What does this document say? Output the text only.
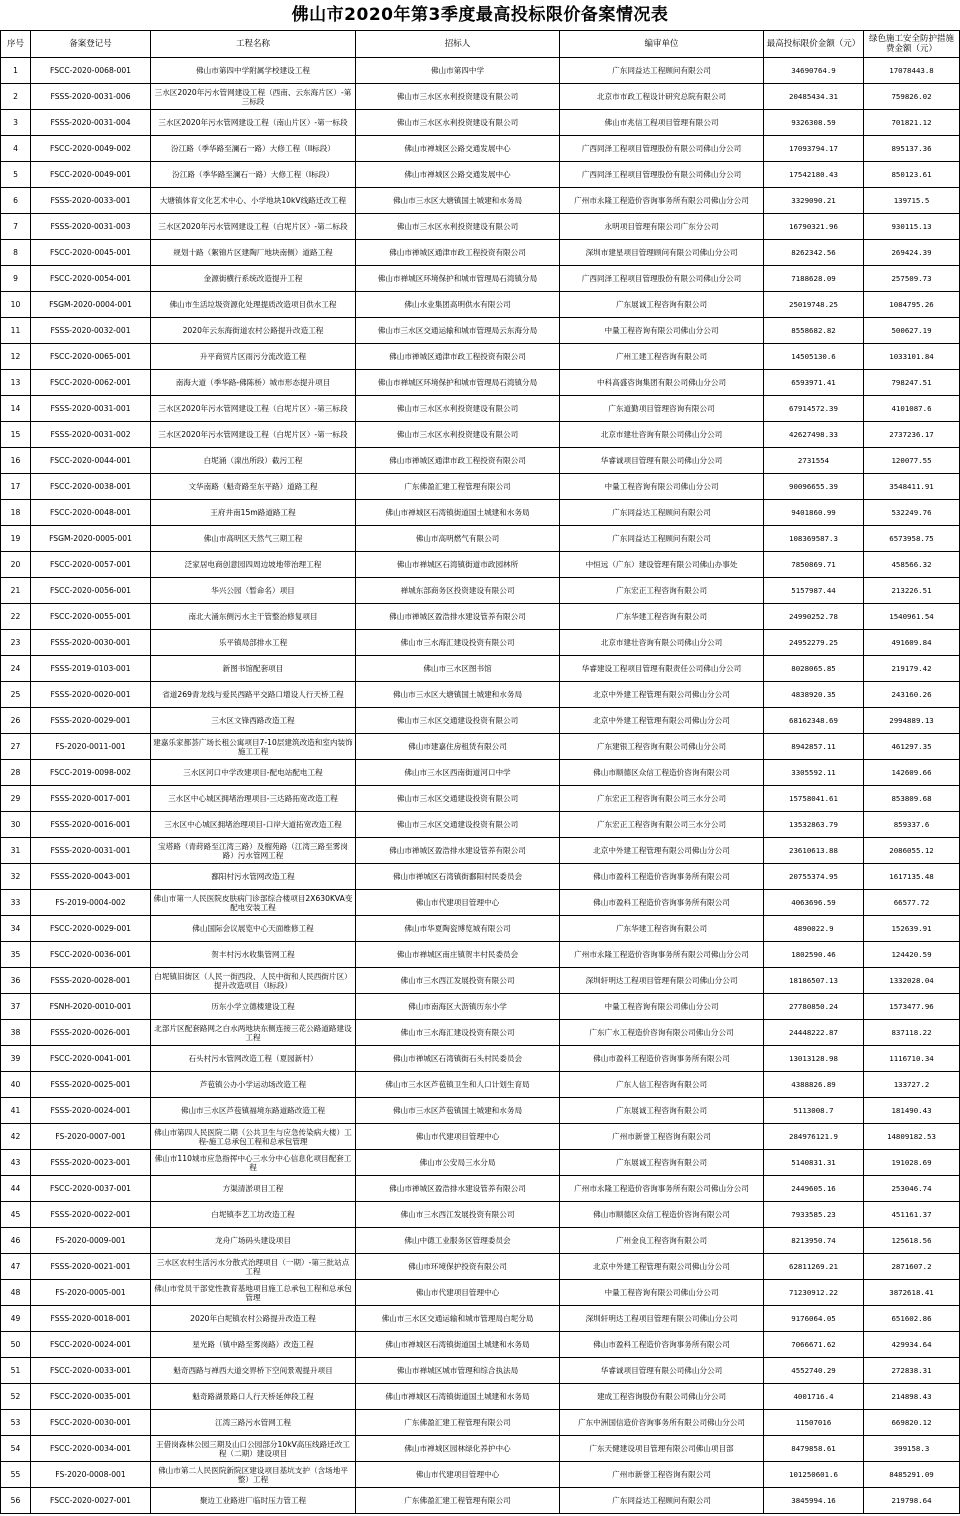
佛山市2020年第3季度最高投标限价备案情况表
序号	备案登记号	工程名称	招标人	编审单位	最高投标限价金额（元）	绿色施工安全防护措施费金额（元）
1	FSCC-2020-0068-001	佛山市第四中学附属学校建设工程	佛山市第四中学	广东同益达工程顾问有限公司	34690764.9	17078443.8
2	FSSS-2020-0031-006	三水区2020年污水管网建设工程（西南、云东海片区）-第三标段	佛山市三水区水利投资建设有限公司	北京市市政工程设计研究总院有限公司	20485434.31	759826.02
3	FSSS-2020-0031-004	三水区2020年污水管网建设工程（南山片区）-第一标段	佛山市三水区水利投资建设有限公司	佛山市兆信工程项目管理有限公司	9326308.59	701821.12
4	FSCC-2020-0049-002	汾江路（季华路至澜石一路）大修工程（II标段）	佛山市禅城区公路交通发展中心	广西同泽工程项目管理股份有限公司佛山分公司	17093794.17	895137.36
5	FSCC-2020-0049-001	汾江路（季华路至澜石一路）大修工程（I标段）	佛山市禅城区公路交通发展中心	广西同泽工程项目管理股份有限公司佛山分公司	17542180.43	850123.61
6	FSSS-2020-0033-001	大塘镇体育文化艺术中心、小学地块10kV线路迁改工程	佛山市三水区大塘镇国土城建和水务局	广州市永隆工程造价咨询事务所有限公司佛山分公司	3329090.21	139715.5
7	FSSS-2020-0031-003	三水区2020年污水管网建设工程（白坭片区）-第二标段	佛山市三水区水利投资建设有限公司	永明项目管理有限公司广东分公司	16790321.96	930115.13
8	FSCC-2020-0045-001	规划十路（絮锦片区建陶厂地块南侧）道路工程	佛山市禅城区通津市政工程投资有限公司	深圳市建星项目管理顾问有限公司佛山分公司	8262342.56	269424.39
9	FSCC-2020-0054-001	金源街横行系统改造提升工程	佛山市禅城区环境保护和城市管理局石湾镇分局	广西同泽工程项目管理股份有限公司佛山分公司	7188628.09	257509.73
10	FSGM-2020-0004-001	佛山市生活垃圾资源化处理提质改造项目供水工程	佛山水业集团高明供水有限公司	广东展诚工程咨询有限公司	25019748.25	1084795.26
11	FSSS-2020-0032-001	2020年云东海街道农村公路提升改造工程	佛山市三水区交通运输和城市管理局云东海分局	中量工程咨询有限公司佛山分公司	8558682.82	500627.19
12	FSCC-2020-0065-001	升平商贸片区雨污分流改造工程	佛山市禅城区通津市政工程投资有限公司	广州工建工程咨询有限公司	14505130.6	1033101.84
13	FSCC-2020-0062-001	南海大道（季华路-佛陈桥）城市形态提升项目	佛山市禅城区环境保护和城市管理局石湾镇分局	中科高盛咨询集团有限公司佛山分公司	6593971.41	798247.51
14	FSSS-2020-0031-001	三水区2020年污水管网建设工程（白坭片区）-第三标段	佛山市三水区水利投资建设有限公司	广东道勤项目管理咨询有限公司	67914572.39	4101087.6
15	FSSS-2020-0031-002	三水区2020年污水管网建设工程（白坭片区）-第一标段	佛山市三水区水利投资建设有限公司	北京市建壮咨询有限公司佛山分公司	42627498.33	2737236.17
16	FSCC-2020-0044-001	白坭涌（湶出所段）截污工程	佛山市禅城区通津市政工程投资有限公司	华睿诚项目管理有限公司佛山分公司	2731554	120077.55
17	FSCC-2020-0038-001	文华南路（魁奇路至东平路）道路工程	广东佛盈汇建工程管理有限公司	中量工程咨询有限公司佛山分公司	90096655.39	3548411.91
18	FSCC-2020-0048-001	王府井南15m路道路工程	佛山市禅城区石湾镇街道国土城建和水务局	广东同益达工程顾问有限公司	9401860.99	532249.76
19	FSGM-2020-0005-001	佛山市高明区天然气三期工程	佛山市高明燃气有限公司	广东同益达工程顾问有限公司	108369587.3	6573958.75
20	FSCC-2020-0057-001	泛家居电商创意园四周边坡地带治理工程	佛山市禅城区石湾镇街道市政园林所	中恒远（广东）建设管理有限公司佛山办事处	7850869.71	458566.32
21	FSCC-2020-0056-001	华兴公园（暂命名）项目	禅城东部商务区投资建设有限公司	广东宏正工程咨询有限公司	5157987.44	213226.51
22	FSCC-2020-0055-001	南北大涌东侧污水主干管整治修复项目	佛山市禅城区盈浩排水建设管养有限公司	广东华建工程咨询有限公司	24990252.78	1540961.54
23	FSSS-2020-0030-001	乐平镇局部排水工程	佛山市三水海汇建设投资有限公司	北京市建壮咨询有限公司佛山分公司	24952279.25	491609.84
24	FSSS-2019-0103-001	新图书馆配套项目	佛山市三水区图书馆	华睿建设工程项目管理有限责任公司佛山分公司	8028065.85	219179.42
25	FSSS-2020-0020-001	省道269青龙线与爱民西路平交路口增设人行天桥工程	佛山市三水区大塘镇国土城建和水务局	北京中外建工程管理有限公司佛山分公司	4838920.35	243160.26
26	FSSS-2020-0029-001	三水区文锋西路改造工程	佛山市三水区交通建设投资有限公司	北京中外建工程管理有限公司佛山分公司	68162348.69	2994889.13
27	FS-2020-0011-001	建嘉乐家都荟广场长租公寓项目7-10层建筑改造和室内装饰施工工程	佛山市建嘉住房租赁有限公司	广东建银工程咨询有限公司佛山分公司	8942857.11	461297.35
28	FSCC-2019-0098-002	三水区河口中学改建项目-配电站配电工程	佛山市三水区西南街道河口中学	佛山市顺德区众信工程造价咨询有限公司	3305592.11	142609.66
29	FSSS-2020-0017-001	三水区中心城区拥堵治理项目-三达路拓宽改造工程	佛山市三水区交通建设投资有限公司	广东宏正工程咨询有限公司三水分公司	15758041.61	853809.68
30	FSSS-2020-0016-001	三水区中心城区拥堵治理项目-口岸大道拓宽改造工程	佛山市三水区交通建设投资有限公司	广东宏正工程咨询有限公司三水分公司	13532863.79	859337.6
31	FSSS-2020-0031-001	宝塔路（青莳路至江湾三路）及榴苑路（江湾三路至雾岗路）污水管网工程	佛山市禅城区盈浩排水建设管养有限公司	北京中外建工程管理有限公司佛山分公司	23610613.88	2086055.12
32	FSSS-2020-0043-001	鄱阳村污水管网改造工程	佛山市禅城区石湾镇街鄱阳村民委员会	佛山市盈科工程造价咨询事务所有限公司	20755374.95	1617135.48
33	FS-2019-0004-002	佛山市第一人民医院皮肤病门诊部综合楼项目2X630KVA变配电安装工程	佛山市代建项目管理中心	佛山市盈科工程造价咨询事务所有限公司	4063696.59	66577.72
34	FSCC-2020-0029-001	佛山国际会议展览中心天面维修工程	佛山市华夏陶瓷博览城有限公司	广东华建工程咨询有限公司	4890022.9	152639.91
35	FSCC-2020-0036-001	贺丰村污水收集管网工程	佛山市禅城区南庄镇贺丰村民委员会	广州市永隆工程造价咨询事务所有限公司佛山分公司	1802590.46	124420.59
36	FSSS-2020-0028-001	白坭镇旧街区（人民一街西段、人民中街和人民西街片区）提升改造项目（I标段）	佛山市三水西江发展投资有限公司	深圳轩明达工程项目管理有限公司佛山分公司	18186507.13	1332028.04
37	FSNH-2020-0010-001	历东小学立德楼建设工程	佛山市南海区大沥镇历东小学	中量工程咨询有限公司佛山分公司	27780850.24	1573477.96
38	FSSS-2020-0026-001	北部片区配套路网之白水两地块东侧连接三花公路道路建设工程	佛山市三水海汇建设投资有限公司	广东广水工程造价咨询有限公司佛山分公司	24448222.87	837118.22
39	FSCC-2020-0041-001	石头村污水管网改造工程（夏园新村）	佛山市禅城区石湾镇街石头村民委员会	佛山市盈科工程造价咨询事务所有限公司	13013128.98	1116710.34
40	FSSS-2020-0025-001	芦苞镇公办小学运动场改造工程	佛山市三水区芦苞镇卫生和人口计划生育局	广东人信工程咨询有限公司	4388826.89	133727.2
41	FSSS-2020-0024-001	佛山市三水区芦苞镇福境东路道路改造工程	佛山市三水区芦苞镇国土城建和水务局	广东展诚工程咨询有限公司	5113008.7	181490.43
42	FS-2020-0007-001	佛山市第四人民医院二期（公共卫生与应急传染病大楼）工程-施工总承包工程和总承包管理	佛山市代建项目管理中心	广州市新誉工程咨询有限公司	284976121.9	14809182.53
43	FSSS-2020-0023-001	佛山市110城市应急指挥中心三水分中心信息化项目配套工程	佛山市公安局三水分局	广东展诚工程咨询有限公司	5140831.31	191028.69
44	FSCC-2020-0037-001	方渠清淤项目工程	佛山市禅城区盈浩排水建设管养有限公司	广州市永隆工程造价咨询事务所有限公司佛山分公司	2449605.16	253046.74
45	FSSS-2020-0022-001	白坭镇李艺工坊改造工程	佛山市三水西江发展投资有限公司	佛山市顺德区众信工程造价咨询有限公司	7933585.23	451161.37
46	FS-2020-0009-001	龙舟广场码头建设项目	佛山中德工业服务区管理委员会	广州金良工程咨询有限公司	8213950.74	125618.56
47	FSSS-2020-0021-001	三水区农村生活污水分散式治理项目（一期）-第三批站点工程	佛山市环境保护投资有限公司	北京中外建工程管理有限公司佛山分公司	62811269.21	2871607.2
48	FS-2020-0005-001	佛山市党员干部党性教育基地项目施工总承包工程和总承包管理	佛山市代建项目管理中心	中量工程咨询有限公司佛山分公司	71230912.22	3872618.41
49	FSSS-2020-0018-001	2020年白坭镇农村公路提升改造工程	佛山市三水区交通运输和城市管理局白坭分局	深圳轩明达工程项目管理有限公司佛山分公司	9176064.05	651602.86
50	FSCC-2020-0024-001	星光路（镇中路至雾岗路）改造工程	佛山市禅城区石湾镇街道国土城建和水务局	佛山市盈科工程造价咨询事务所有限公司	7066671.62	429934.64
51	FSCC-2020-0033-001	魁奇西路与禅西大道交界桥下空间景观提升项目	佛山市禅城区城市管理和综合执法局	华睿诚项目管理有限公司佛山分公司	4552740.29	272838.31
52	FSCC-2020-0035-001	魁奇路湖景路口人行天桥延伸段工程	佛山市禅城区石湾镇街道国土城建和水务局	建成工程咨询股份有限公司佛山分公司	4001716.4	214898.43
53	FSCC-2020-0030-001	江湾三路污水管网工程	广东佛盈汇建工程管理有限公司	广东中洲国信造价咨询事务所有限公司佛山分公司	11507016	669820.12
54	FSCC-2020-0034-001	王借岗森林公园三期及山口公园部分10kV高压线路迁改工程（二期）建设项目	佛山市禅城区园林绿化养护中心	广东天健建设项目管理有限公司佛山项目部	8479858.61	399158.3
55	FS-2020-0008-001	佛山市第二人民医院新院区建设项目基坑支护（含场地平整）工程	佛山市代建项目管理中心	广州市新誉工程咨询有限公司	101250601.6	8485291.09
56	FSCC-2020-0027-001	聚边工业路进厂临时压力管工程	广东佛盈汇建工程管理有限公司	广东同益达工程顾问有限公司	3845994.16	219798.64
